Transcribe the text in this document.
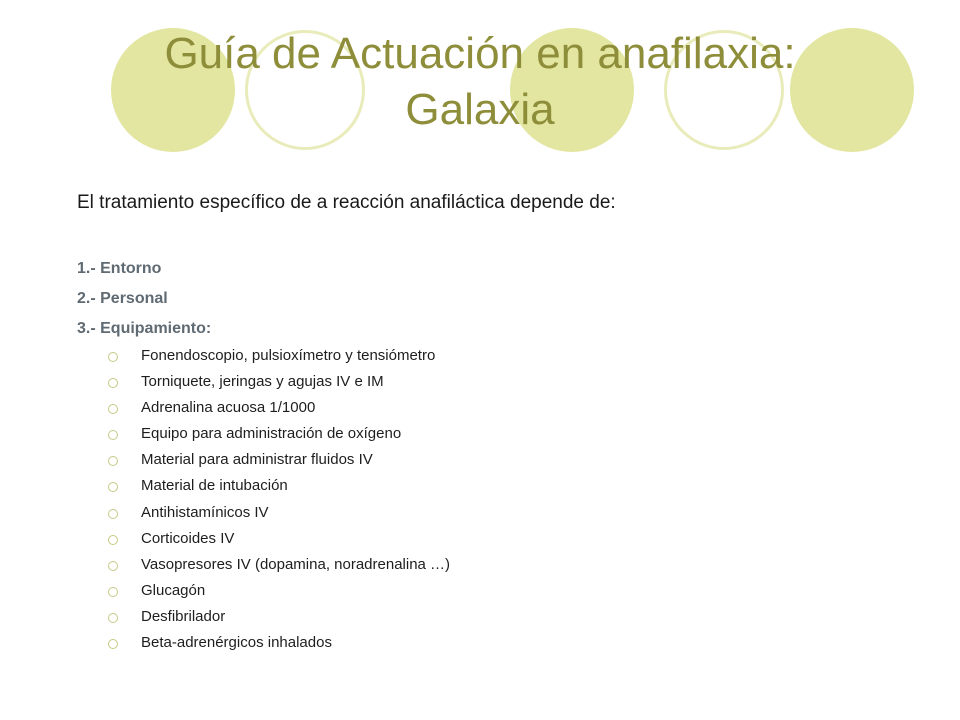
Guía de Actuación en anafilaxia:
Galaxia
El tratamiento específico de a reacción anafiláctica depende de:
1.- Entorno
2.- Personal
3.- Equipamiento:
Fonendoscopio, pulsioxímetro y tensiómetro
Torniquete, jeringas y agujas IV e IM
Adrenalina acuosa 1/1000
Equipo para administración de oxígeno
Material para administrar fluidos IV
Material de intubación
Antihistamínicos IV
Corticoides IV
Vasopresores IV (dopamina, noradrenalina …)
Glucagón
Desfibrilador
Beta-adrenérgicos inhalados
